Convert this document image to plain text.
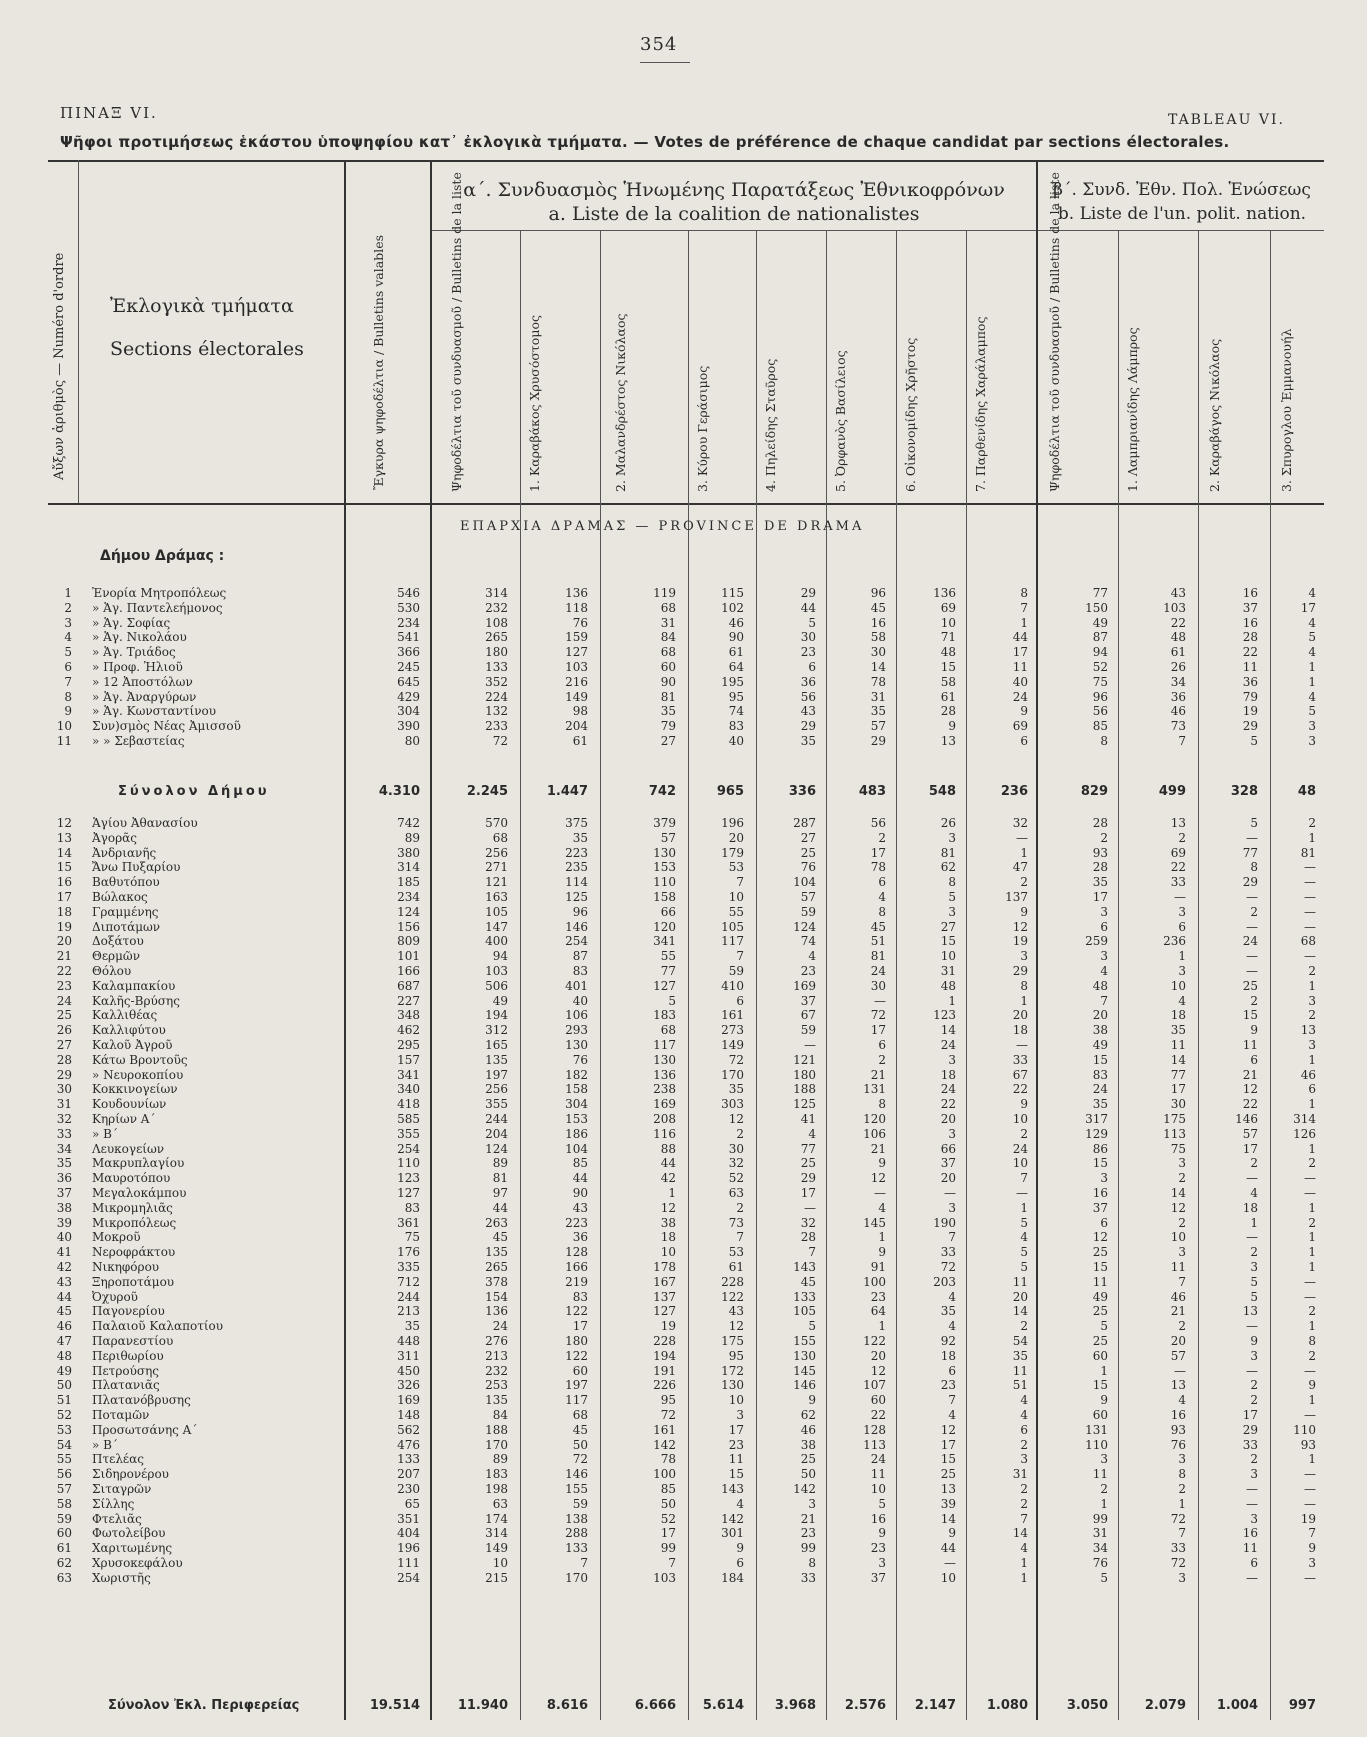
354
ΠΙΝΑΞ VI.	TABLEAU VI.
Ψῆφοι προτιμήσεως ἑκάστου ὑποψηφίου κατ᾿ ἐκλογικὰ τμήματα. — Votes de préférence de chaque candidat par sections électorales.
Αὔξων ἀριθμὸς — Numéro d'ordre Ἐκλογικὰ τμήματα
Sections électorales	Ἔγκυρα ψηφοδέλτια / Bulletins valables
α΄. Συνδυασμὸς Ἡνωμένης Παρατάξεως Ἐθνικοφρόνων
a. Liste de la coalition de nationalistes
β΄. Συνδ. Ἐθν. Πολ. Ἑνώσεως
b. Liste de l'un. polit. nation.
Ψηφοδέλτια τοῦ συνδυασμοῦ / Bulletins de la liste	1. Καραβάκος Χρυσόστομος	2. Μαλανδρέστος Νικόλαος	3. Κύρου Γεράσιμος	4. Πηλείδης Σταῦρος	5. Ὀρφανὸς Βασίλειος	6. Οἰκονομίδης Χρῆστος	7. Παρθενίδης Χαράλαμπος	Ψηφοδέλτια τοῦ συνδυασμοῦ / Bulletins de la liste	1. Λαμπριανίδης Λάμπρος	2. Καραβάγος Νικόλαος	3. Σπυρογλου Ἐμμανουήλ
ΕΠΑΡΧΙΑ ΔΡΑΜΑΣ — PROVINCE DE DRAMA
Δήμου Δράμας :
1 Ἐνορία Μητροπόλεως	546	314	136	119	115	29	96	136	8	77	43	16	4
2 » Ἁγ. Παντελεήμονος	530	232	118	68	102	44	45	69	7	150	103	37	17
3 » Ἁγ. Σοφίας	234	108	76	31	46	5	16	10	1	49	22	16	4
4 » Ἁγ. Νικολάου	541	265	159	84	90	30	58	71	44	87	48	28	5
5 » Ἁγ. Τριάδος	366	180	127	68	61	23	30	48	17	94	61	22	4
6 » Προφ. Ἠλιοῦ	245	133	103	60	64	6	14	15	11	52	26	11	1
7 » 12 Ἀποστόλων	645	352	216	90	195	36	78	58	40	75	34	36	1
8 » Ἁγ. Ἀναργύρων	429	224	149	81	95	56	31	61	24	96	36	79	4
9 » Ἁγ. Κωνσταντίνου	304	132	98	35	74	43	35	28	9	56	46	19	5
10 Συν)σμὸς Νέας Ἀμισσοῦ	390	233	204	79	83	29	57	9	69	85	73	29	3
11 » » Σεβαστείας	80	72	61	27	40	35	29	13	6	8	7	5	3
Σύνολον Δήμου	4.310	2.245	1.447	742	965	336	483	548	236	829	499	328	48
12 Ἁγίου Ἀθανασίου	742	570	375	379	196	287	56	26	32	28	13	5	2
13 Ἀγορᾶς	89	68	35	57	20	27	2	3	—	2	2	—	1
14 Ἀνδριανῆς	380	256	223	130	179	25	17	81	1	93	69	77	81
15 Ἄνω Πυξαρίου	314	271	235	153	53	76	78	62	47	28	22	8	—
16 Βαθυτόπου	185	121	114	110	7	104	6	8	2	35	33	29	—
17 Βώλακος	234	163	125	158	10	57	4	5	137	17	—	—	—
18 Γραμμένης	124	105	96	66	55	59	8	3	9	3	3	2	—
19 Διποτάμων	156	147	146	120	105	124	45	27	12	6	6	—	—
20 Δοξάτου	809	400	254	341	117	74	51	15	19	259	236	24	68
21 Θερμῶν	101	94	87	55	7	4	81	10	3	3	1	—	—
22 Θόλου	166	103	83	77	59	23	24	31	29	4	3	—	2
23 Καλαμπακίου	687	506	401	127	410	169	30	48	8	48	10	25	1
24 Καλῆς-Βρύσης	227	49	40	5	6	37	—	1	1	7	4	2	3
25 Καλλιθέας	348	194	106	183	161	67	72	123	20	20	18	15	2
26 Καλλιφύτου	462	312	293	68	273	59	17	14	18	38	35	9	13
27 Καλοῦ Ἀγροῦ	295	165	130	117	149	—	6	24	—	49	11	11	3
28 Κάτω Βροντοῦς	157	135	76	130	72	121	2	3	33	15	14	6	1
29 » Νευροκοπίου	341	197	182	136	170	180	21	18	67	83	77	21	46
30 Κοκκινογείων	340	256	158	238	35	188	131	24	22	24	17	12	6
31 Κουδουνίων	418	355	304	169	303	125	8	22	9	35	30	22	1
32 Κηρίων Α΄	585	244	153	208	12	41	120	20	10	317	175	146	314
33 » Β΄	355	204	186	116	2	4	106	3	2	129	113	57	126
34 Λευκογείων	254	124	104	88	30	77	21	66	24	86	75	17	1
35 Μακρυπλαγίου	110	89	85	44	32	25	9	37	10	15	3	2	2
36 Μαυροτόπου	123	81	44	42	52	29	12	20	7	3	2	—	—
37 Μεγαλοκάμπου	127	97	90	1	63	17	—	—	—	16	14	4	—
38 Μικρομηλιᾶς	83	44	43	12	2	—	4	3	1	37	12	18	1
39 Μικροπόλεως	361	263	223	38	73	32	145	190	5	6	2	1	2
40 Μοκροῦ	75	45	36	18	7	28	1	7	4	12	10	—	1
41 Νεροφράκτου	176	135	128	10	53	7	9	33	5	25	3	2	1
42 Νικηφόρου	335	265	166	178	61	143	91	72	5	15	11	3	1
43 Ξηροποτάμου	712	378	219	167	228	45	100	203	11	11	7	5	—
44 Ὀχυροῦ	244	154	83	137	122	133	23	4	20	49	46	5	—
45 Παγονερίου	213	136	122	127	43	105	64	35	14	25	21	13	2
46 Παλαιοῦ Καλαποτίου	35	24	17	19	12	5	1	4	2	5	2	—	1
47 Παρανεστίου	448	276	180	228	175	155	122	92	54	25	20	9	8
48 Περιθωρίου	311	213	122	194	95	130	20	18	35	60	57	3	2
49 Πετρούσης	450	232	60	191	172	145	12	6	11	1	—	—	—
50 Πλατανιᾶς	326	253	197	226	130	146	107	23	51	15	13	2	9
51 Πλατανόβρυσης	169	135	117	95	10	9	60	7	4	9	4	2	1
52 Ποταμῶν	148	84	68	72	3	62	22	4	4	60	16	17	—
53 Προσωτσάνης Α΄	562	188	45	161	17	46	128	12	6	131	93	29	110
54 » Β΄	476	170	50	142	23	38	113	17	2	110	76	33	93
55 Πτελέας	133	89	72	78	11	25	24	15	3	3	3	2	1
56 Σιδηρονέρου	207	183	146	100	15	50	11	25	31	11	8	3	—
57 Σιταγρῶν	230	198	155	85	143	142	10	13	2	2	2	—	—
58 Σίλλης	65	63	59	50	4	3	5	39	2	1	1	—	—
59 Φτελιᾶς	351	174	138	52	142	21	16	14	7	99	72	3	19
60 Φωτολείβου	404	314	288	17	301	23	9	9	14	31	7	16	7
61 Χαριτωμένης	196	149	133	99	9	99	23	44	4	34	33	11	9
62 Χρυσοκεφάλου	111	10	7	7	6	8	3	—	1	76	72	6	3
63 Χωριστῆς	254	215	170	103	184	33	37	10	1	5	3	—	—
Σύνολον Ἐκλ. Περιφερείας	19.514	11.940	8.616	6.666	5.614	3.968	2.576	2.147	1.080	3.050	2.079	1.004	997
